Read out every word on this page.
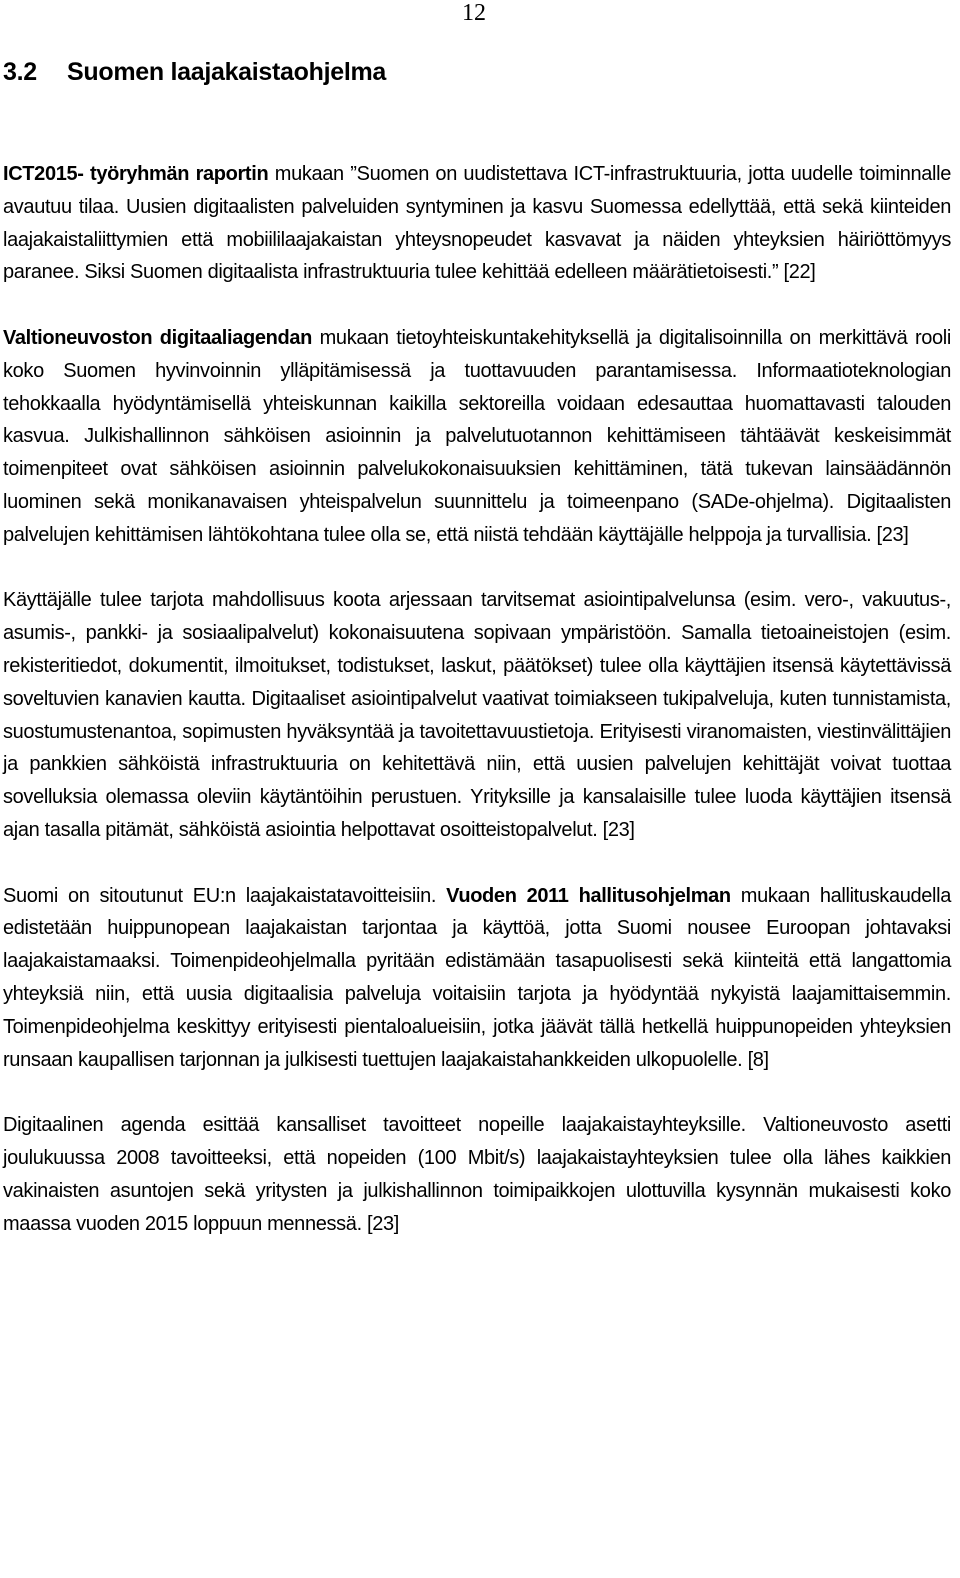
12
3.2 Suomen laajakaistaohjelma

ICT2015- työryhmän raportin mukaan ”Suomen on uudistettava ICT-infrastruktuuria, jotta uudelle toiminnalle avautuu tilaa. Uusien digitaalisten palveluiden syntyminen ja kasvu Suomessa edellyttää, että sekä kiinteiden laajakaistaliittymien että mobiililaajakaistan yhteysnopeudet kasvavat ja näiden yhteyksien häiriöttömyys paranee. Siksi Suomen digitaalista infrastruktuuria tulee kehittää edelleen määrätietoisesti.” [22]

Valtioneuvoston digitaaliagendan mukaan tietoyhteiskuntakehityksellä ja digitalisoinnilla on merkittävä rooli koko Suomen hyvinvoinnin ylläpitämisessä ja tuottavuuden parantamisessa. Informaatioteknologian tehokkaalla hyödyntämisellä yhteiskunnan kaikilla sektoreilla voidaan edesauttaa huomattavasti talouden kasvua. Julkishallinnon sähköisen asioinnin ja palvelutuotannon kehittämiseen tähtäävät keskeisimmät toimenpiteet ovat sähköisen asioinnin palvelukokonaisuuksien kehittäminen, tätä tukevan lainsäädännön luominen sekä monikanavaisen yhteispalvelun suunnittelu ja toimeenpano (SADe-ohjelma). Digitaalisten palvelujen kehittämisen lähtökohtana tulee olla se, että niistä tehdään käyttäjälle helppoja ja turvallisia. [23]

Käyttäjälle tulee tarjota mahdollisuus koota arjessaan tarvitsemat asiointipalvelunsa (esim. vero-, vakuutus-, asumis-, pankki- ja sosiaalipalvelut) kokonaisuutena sopivaan ympäristöön. Samalla tietoaineistojen (esim. rekisteritiedot, dokumentit, ilmoitukset, todistukset, laskut, päätökset) tulee olla käyttäjien itsensä käytettävissä soveltuvien kanavien kautta. Digitaaliset asiointipalvelut vaativat toimiakseen tukipalveluja, kuten tunnistamista, suostumustenantoa, sopimusten hyväksyntää ja tavoitettavuustietoja. Erityisesti viranomaisten, viestinvälittäjien ja pankkien sähköistä infrastruktuuria on kehitettävä niin, että uusien palvelujen kehittäjät voivat tuottaa sovelluksia olemassa oleviin käytäntöihin perustuen. Yrityksille ja kansalaisille tulee luoda käyttäjien itsensä ajan tasalla pitämät, sähköistä asiointia helpottavat osoitteistopalvelut. [23]

Suomi on sitoutunut EU:n laajakaistatavoitteisiin. Vuoden 2011 hallitusohjelman mukaan hallituskaudella edistetään huippunopean laajakaistan tarjontaa ja käyttöä, jotta Suomi nousee Euroopan johtavaksi laajakaistamaaksi. Toimenpideohjelmalla pyritään edistämään tasapuolisesti sekä kiinteitä että langattomia yhteyksiä niin, että uusia digitaalisia palveluja voitaisiin tarjota ja hyödyntää nykyistä laajamittaisemmin. Toimenpideohjelma keskittyy erityisesti pientaloalueisiin, jotka jäävät tällä hetkellä huippunopeiden yhteyksien runsaan kaupallisen tarjonnan ja julkisesti tuettujen laajakaistahankkeiden ulkopuolelle. [8]

Digitaalinen agenda esittää kansalliset tavoitteet nopeille laajakaistayhteyksille. Valtioneuvosto asetti joulukuussa 2008 tavoitteeksi, että nopeiden (100 Mbit/s) laajakaistayhteyksien tulee olla lähes kaikkien vakinaisten asuntojen sekä yritysten ja julkishallinnon toimipaikkojen ulottuvilla kysynnän mukaisesti koko maassa vuoden 2015 loppuun mennessä. [23]
